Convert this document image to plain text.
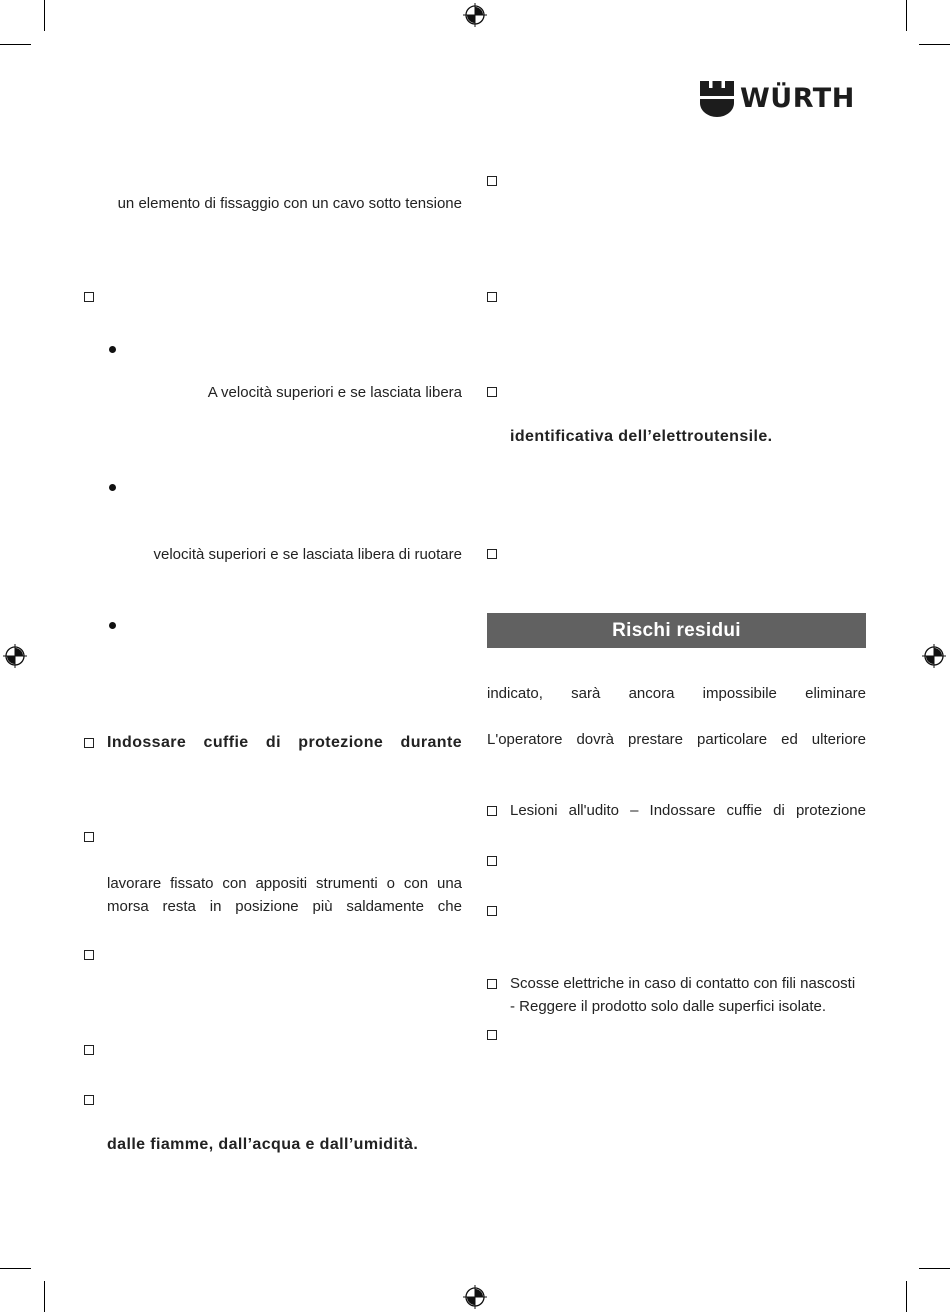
WÜRTH
un elemento di fissaggio con un cavo sotto tensione
A velocità superiori e se lasciata libera
velocità superiori e se lasciata libera di ruotare
Indossare cuffie di protezione durante
lavorare fissato con appositi strumenti o con una
morsa resta in posizione più saldamente che
dalle fiamme, dall’acqua e dall’umidità.
identificativa dell’elettroutensile.
Rischi residui
indicato, sarà ancora impossibile eliminare
L'operatore dovrà prestare particolare ed ulteriore
Lesioni all'udito – Indossare cuffie di protezione
Scosse elettriche in caso di contatto con fili nascosti
- Reggere il prodotto solo dalle superfici isolate.
